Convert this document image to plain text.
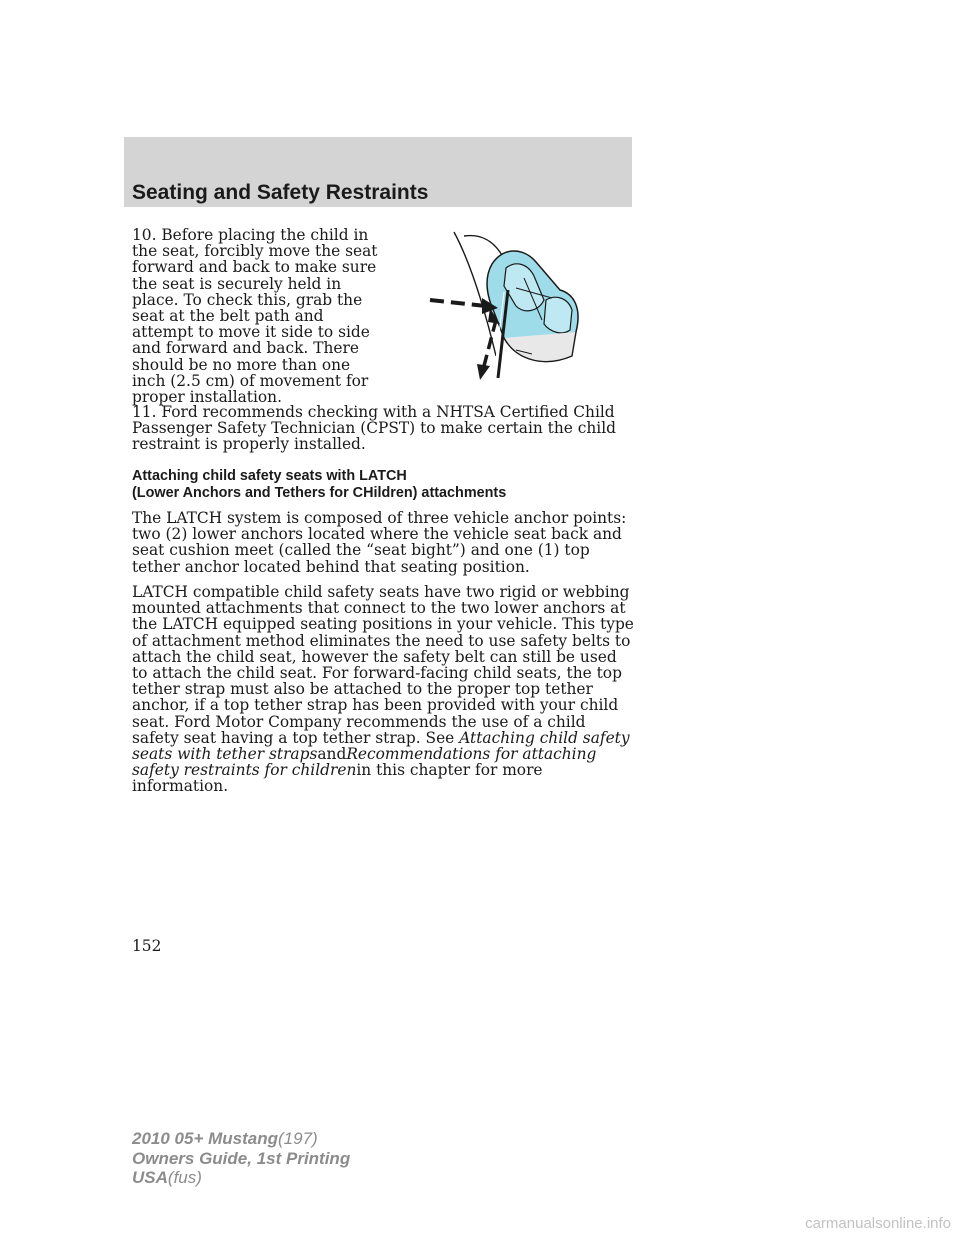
Seating and Safety Restraints

10. Before placing the child in the seat, forcibly move the seat forward and back to make sure the seat is securely held in place. To check this, grab the seat at the belt path and attempt to move it side to side and forward and back. There should be no more than one inch (2.5 cm) of movement for proper installation.

11. Ford recommends checking with a NHTSA Certified Child Passenger Safety Technician (CPST) to make certain the child restraint is properly installed.

Attaching child safety seats with LATCH
(Lower Anchors and Tethers for CHildren) attachments

The LATCH system is composed of three vehicle anchor points: two (2) lower anchors located where the vehicle seat back and seat cushion meet (called the “seat bight”) and one (1) top tether anchor located behind that seating position.

LATCH compatible child safety seats have two rigid or webbing mounted attachments that connect to the two lower anchors at the LATCH equipped seating positions in your vehicle. This type of attachment method eliminates the need to use safety belts to attach the child seat, however the safety belt can still be used to attach the child seat. For forward-facing child seats, the top tether strap must also be attached to the proper top tether anchor, if a top tether strap has been provided with your child seat. Ford Motor Company recommends the use of a child safety seat having a top tether strap. See Attaching child safety seats with tether strapsandRecommendations for attaching safety restraints for childrenin this chapter for more information.

152
2010 05+ Mustang(197)
Owners Guide, 1st Printing
USA(fus)
carmanualsonline.info
